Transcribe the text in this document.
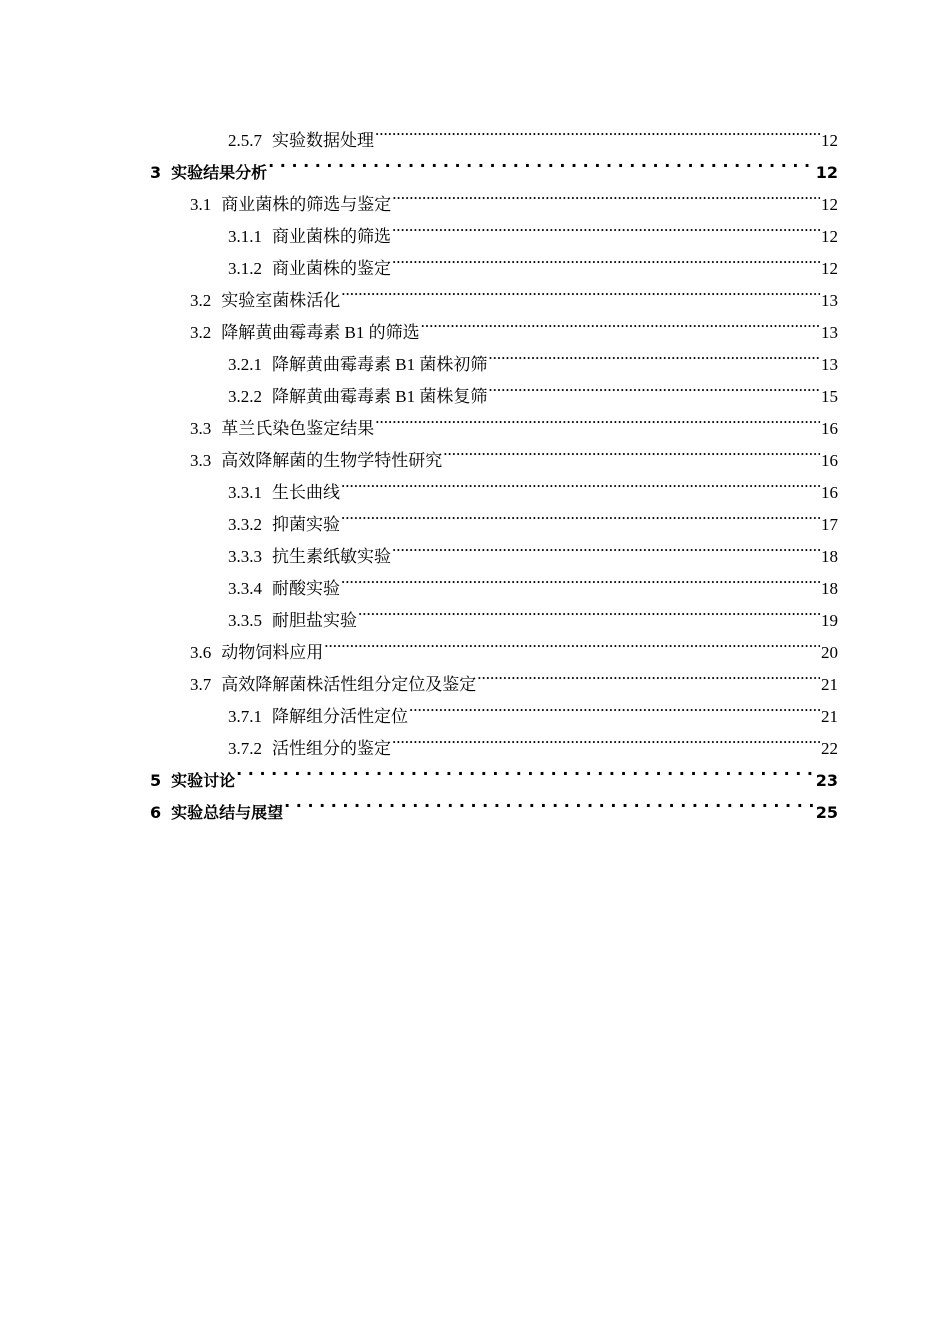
2.5.7 实验数据处理 .....	12
3 实验结果分析 . . .	12
3.1 商业菌株的筛选与鉴定 .....	12
3.1.1 商业菌株的筛选 .....	12
3.1.2 商业菌株的鉴定 .....	12
3.2 实验室菌株活化 .....	13
3.2 降解黄曲霉毒素 B1 的筛选 .....	13
3.2.1 降解黄曲霉毒素 B1 菌株初筛 .....	13
3.2.2 降解黄曲霉毒素 B1 菌株复筛 .....	15
3.3 革兰氏染色鉴定结果 .....	16
3.3 高效降解菌的生物学特性研究 .....	16
3.3.1 生长曲线 .....	16
3.3.2 抑菌实验 .....	17
3.3.3 抗生素纸敏实验 .....	18
3.3.4 耐酸实验 .....	18
3.3.5 耐胆盐实验 .....	19
3.6 动物饲料应用 .....	20
3.7 高效降解菌株活性组分定位及鉴定 .....	21
3.7.1 降解组分活性定位 .....	21
3.7.2 活性组分的鉴定 .....	22
5 实验讨论 . . .	23
6 实验总结与展望 . . .	25
